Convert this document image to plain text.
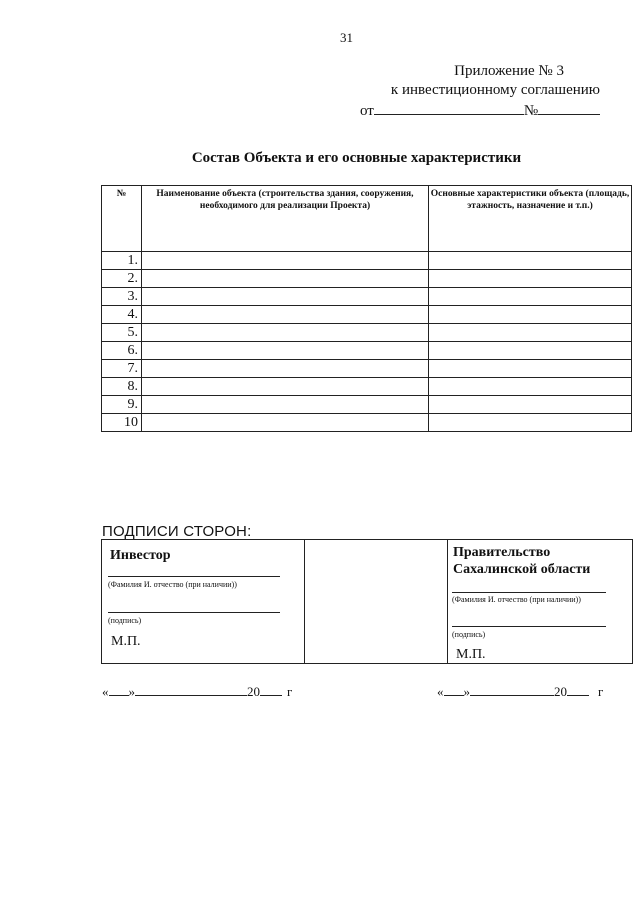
31
Приложение № 3
к инвестиционному соглашению
от	№
Состав Объекта и его основные характеристики
№	Наименование объекта (строительства здания, сооружения, необходимого для реализации Проекта)	Основные характеристики объекта (площадь, этажность, назначение и т.п.)
1.		
2.		
3.		
4.		
5.		
6.		
7.		
8.		
9.		
10		
ПОДПИСИ СТОРОН:
Инвестор
(Фамилия И. отчество (при наличии))
(подпись)
М.П.

Правительство
Сахалинской области
(Фамилия И. отчество (при наличии))
(подпись)
М.П.
« »	20 г	« »	20 г
